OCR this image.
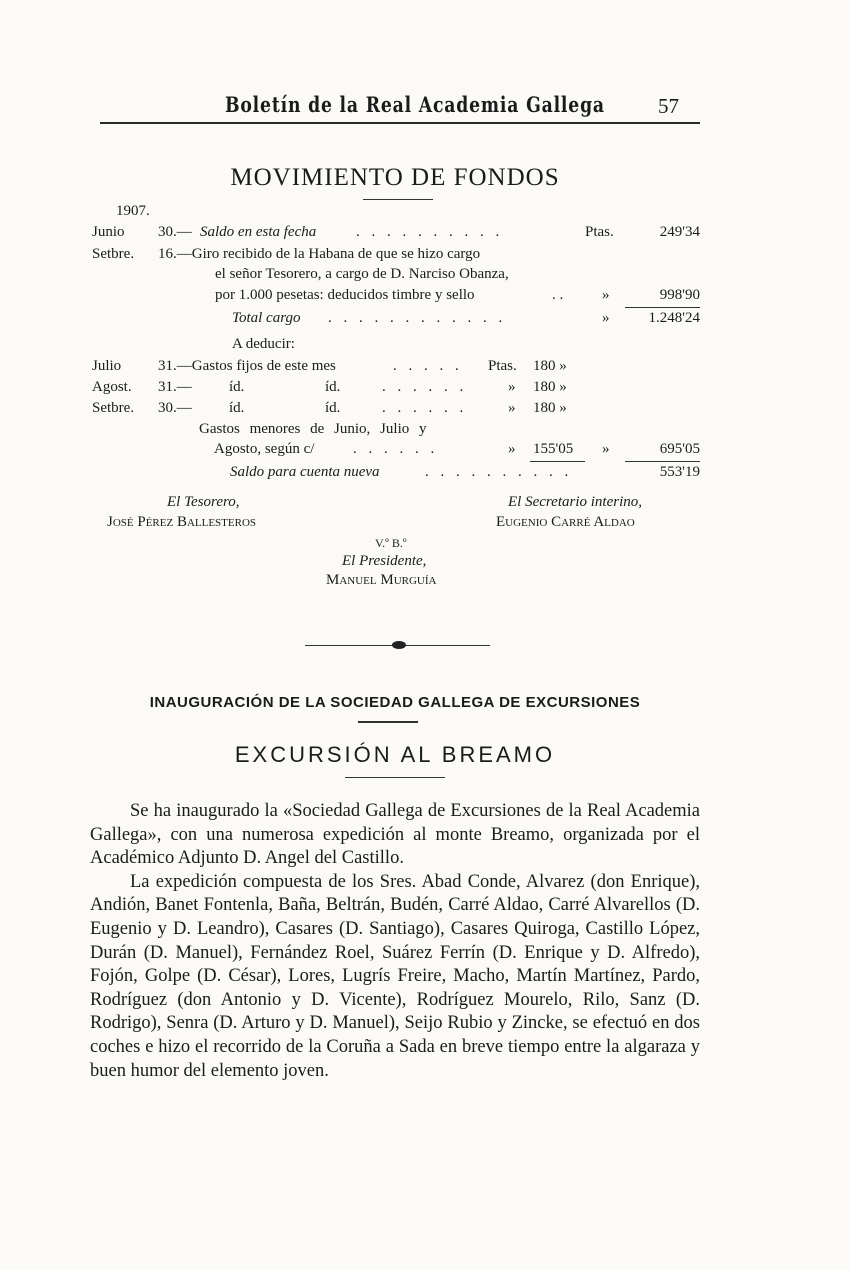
Boletín de la Real Academia Gallega	57
MOVIMIENTO DE FONDOS
1907.
Junio 30.— Saldo en esta fecha	. . . . . . . . . .	Ptas.	249'34
Setbre. 16.—Giro recibido de la Habana de que se hizo cargo
el señor Tesorero, a cargo de D. Narciso Obanza,
por 1.000 pesetas: deducidos timbre y sello	. .	»	998'90
Total cargo . . . . . . . . . . . .	»	1.248'24
A deducir:
Julio 31.—Gastos fijos de este mes	. . . . . Ptas. 180 »
Agost. 31.— íd.	íd.	. . . . . .	» 180 »
Setbre. 30.— íd.	íd.	. . . . . .	» 180 »
Gastos menores de Junio, Julio y
Agosto, según c/	. . . . . .	» 155'05 »	695'05
Saldo para cuenta nueva	. . . . . . . . . .	553'19
El Tesorero,
José Pérez Ballesteros
El Secretario interino,
Eugenio Carré Aldao
V.º B.º
El Presidente,
Manuel Murguía
INAUGURACIÓN DE LA SOCIEDAD GALLEGA DE EXCURSIONES
EXCURSIÓN AL BREAMO

Se ha inaugurado la «Sociedad Gallega de Excursiones de la Real Academia Gallega», con una numerosa expedición al monte Breamo, organizada por el Académico Adjunto D. Angel del Castillo.

La expedición compuesta de los Sres. Abad Conde, Alvarez (don Enrique), Andión, Banet Fontenla, Baña, Beltrán, Budén, Carré Aldao, Carré Alvarellos (D. Eugenio y D. Leandro), Casares (D. Santiago), Casares Quiroga, Castillo López, Durán (D. Manuel), Fernández Roel, Suárez Ferrín (D. Enrique y D. Alfredo), Fojón, Golpe (D. César), Lores, Lugrís Freire, Macho, Martín Martínez, Pardo, Rodríguez (don Antonio y D. Vicente), Rodríguez Mourelo, Rilo, Sanz (D. Rodrigo), Senra (D. Arturo y D. Manuel), Seijo Rubio y Zincke, se efectuó en dos coches e hizo el recorrido de la Coruña a Sada en breve tiempo entre la algaraza y buen humor del elemento joven.
